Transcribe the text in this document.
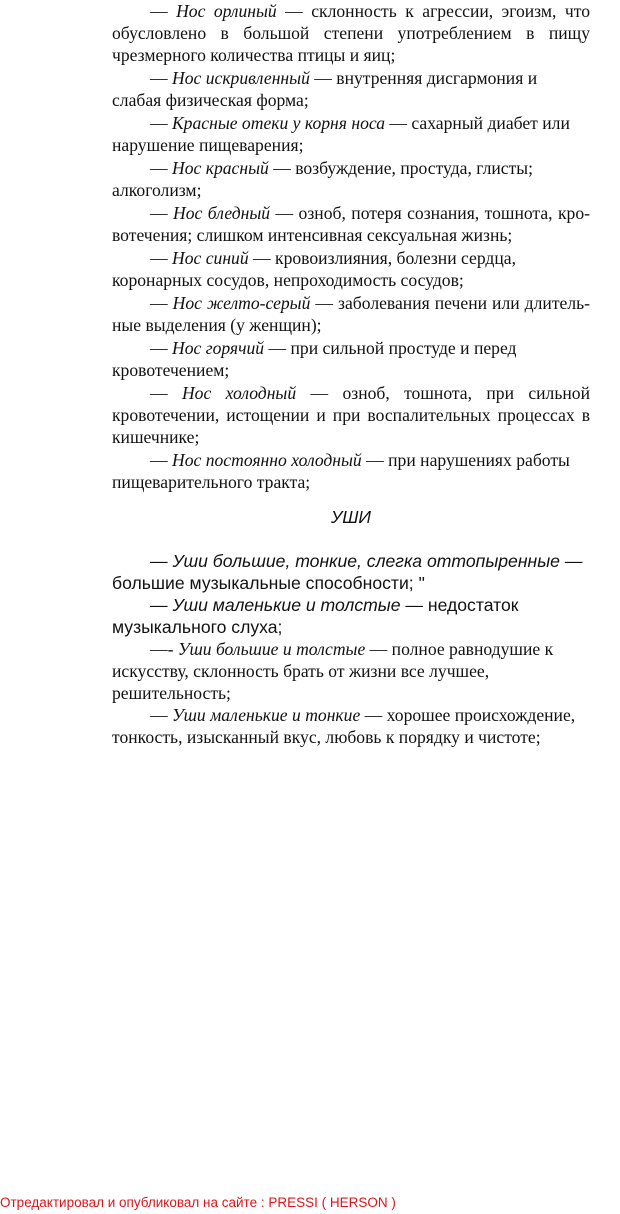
— Нос орлиный — склонность к агрессии, эгоизм, что обусловлено в большой степени употреблением в пищу чрезмерного количества птицы и яиц;

— Нос искривленный — внутренняя дисгармония и слабая физическая форма;

— Красные отеки у корня носа — сахарный диабет или нарушение пищеварения;

— Нос красный — возбуждение, простуда, глисты; алкоголизм;

— Нос бледный — озноб, потеря сознания, тошнота, кровотечения; слишком интенсивная сексуальная жизнь;

— Нос синий — кровоизлияния, болезни сердца, коронарных сосудов, непроходимость сосудов;

— Нос желто-серый — заболевания печени или длительные выделения (у женщин);

— Нос горячий — при сильной простуде и перед кровотечением;

— Нос холодный — озноб, тошнота, при сильной кровотечении, истощении и при воспалительных процессах в кишечнике;

— Нос постоянно холодный — при нарушениях работы пищеварительного тракта;

УШИ

— Уши большие, тонкие, слегка оттопыренные — большие музыкальные способности; "

— Уши маленькие и толстые — недостаток музыкального слуха;

—- Уши большие и толстые — полное равнодушие к искусству, склонность брать от жизни все лучшее, решительность;

— Уши маленькие и тонкие — хорошее происхождение, тонкость, изысканный вкус, любовь к порядку и чистоте;

Отредактировал и опубликовал на сайте : PRESSI ( HERSON )
